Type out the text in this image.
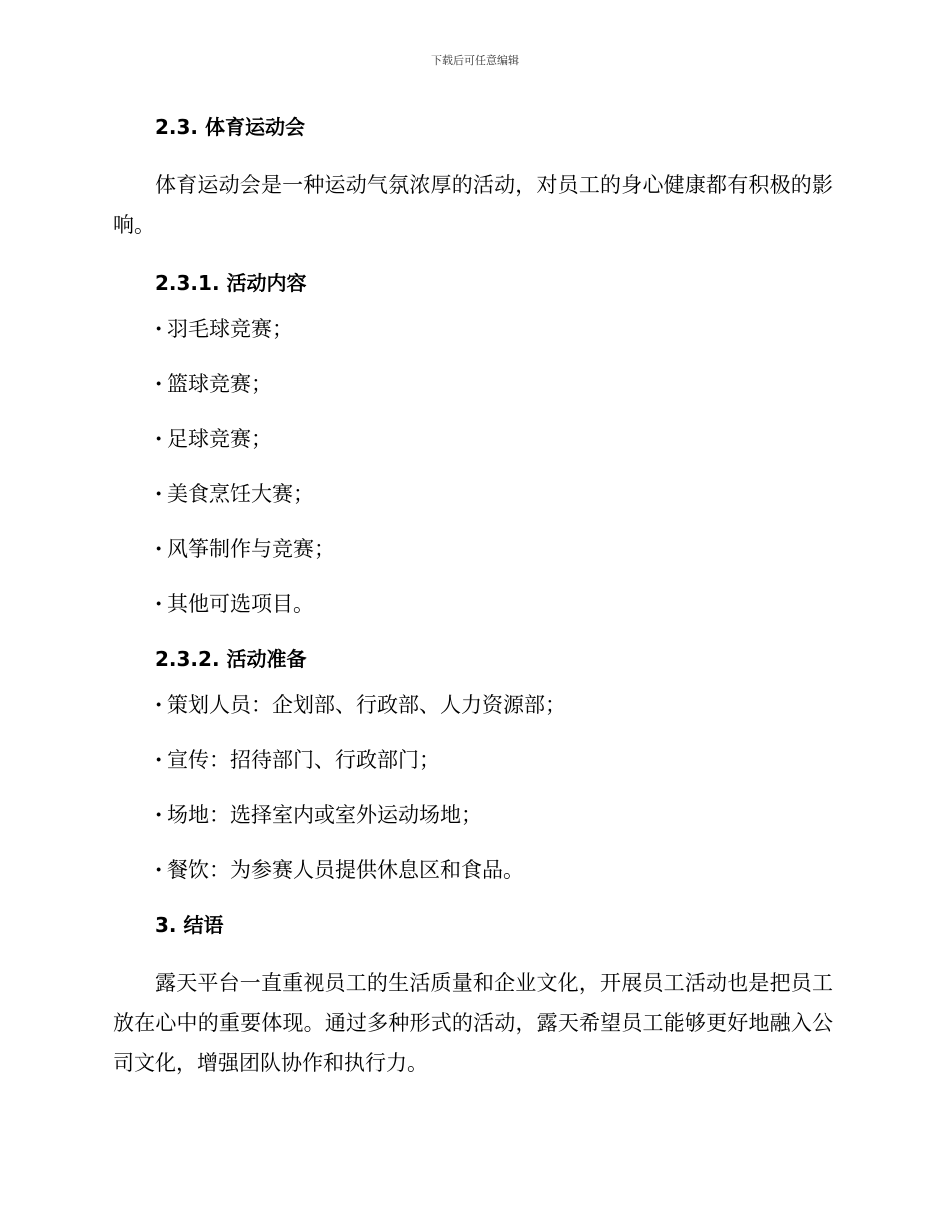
下载后可任意编辑
2.3. 体育运动会

体育运动会是一种运动气氛浓厚的活动，对员工的身心健康都有积极的影响。

2.3.1. 活动内容
· 羽毛球竞赛；
· 篮球竞赛；
· 足球竞赛；
· 美食烹饪大赛；
· 风筝制作与竞赛；
· 其他可选项目。
2.3.2. 活动准备
· 策划人员：企划部、行政部、人力资源部；
· 宣传：招待部门、行政部门；
· 场地：选择室内或室外运动场地；
· 餐饮：为参赛人员提供休息区和食品。
3. 结语

露天平台一直重视员工的生活质量和企业文化，开展员工活动也是把员工放在心中的重要体现。通过多种形式的活动，露天希望员工能够更好地融入公司文化，增强团队协作和执行力。
